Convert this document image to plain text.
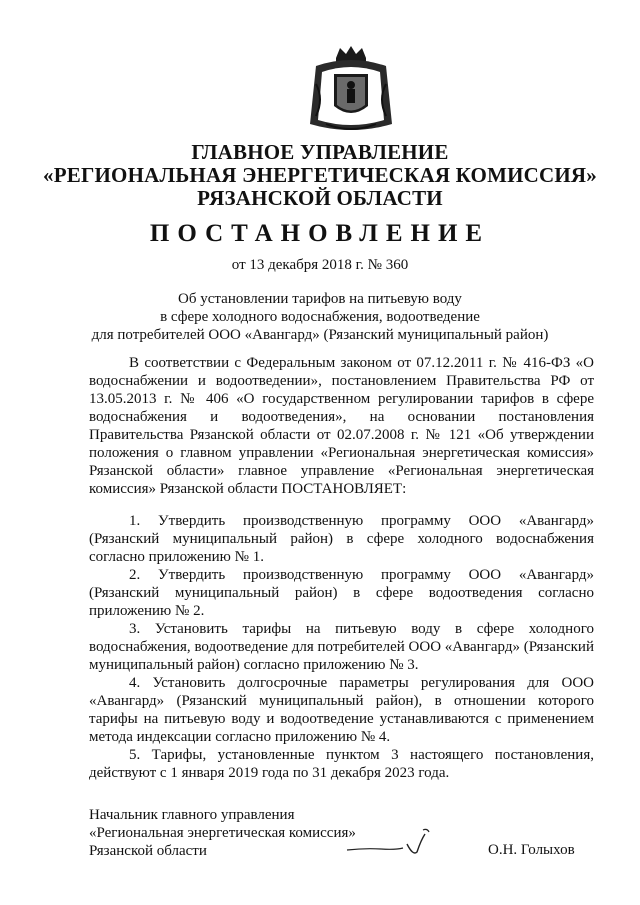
ГЛАВНОЕ УПРАВЛЕНИЕ
«РЕГИОНАЛЬНАЯ ЭНЕРГЕТИЧЕСКАЯ КОМИССИЯ»
РЯЗАНСКОЙ ОБЛАСТИ
ПОСТАНОВЛЕНИЕ
от 13 декабря 2018 г. № 360
Об установлении тарифов на питьевую воду
в сфере холодного водоснабжения, водоотведение
для потребителей ООО «Авангард» (Рязанский муниципальный район)
В соответствии с Федеральным законом от 07.12.2011 г. № 416-ФЗ «О водоснабжении и водоотведении», постановлением Правительства РФ от 13.05.2013 г. № 406 «О государственном регулировании тарифов в сфере водоснабжения и водоотведения», на основании постановления Правительства Рязанской области от 02.07.2008 г. № 121 «Об утверждении положения о главном управлении «Региональная энергетическая комиссия» Рязанской области» главное управление «Региональная энергетическая комиссия» Рязанской области ПОСТАНОВЛЯЕТ:
1. Утвердить производственную программу ООО «Авангард» (Рязанский муниципальный район) в сфере холодного водоснабжения согласно приложению № 1.
2. Утвердить производственную программу ООО «Авангард» (Рязанский муниципальный район) в сфере водоотведения согласно приложению № 2.
3. Установить тарифы на питьевую воду в сфере холодного водоснабжения, водоотведение для потребителей ООО «Авангард» (Рязанский муниципальный район) согласно приложению № 3.
4. Установить долгосрочные параметры регулирования для ООО «Авангард» (Рязанский муниципальный район), в отношении которого тарифы на питьевую воду и водоотведение устанавливаются с применением метода индексации согласно приложению № 4.
5. Тарифы, установленные пунктом 3 настоящего постановления, действуют с 1 января 2019 года по 31 декабря 2023 года.
Начальник главного управления
«Региональная энергетическая комиссия»
Рязанской области	О.Н. Голыхов
